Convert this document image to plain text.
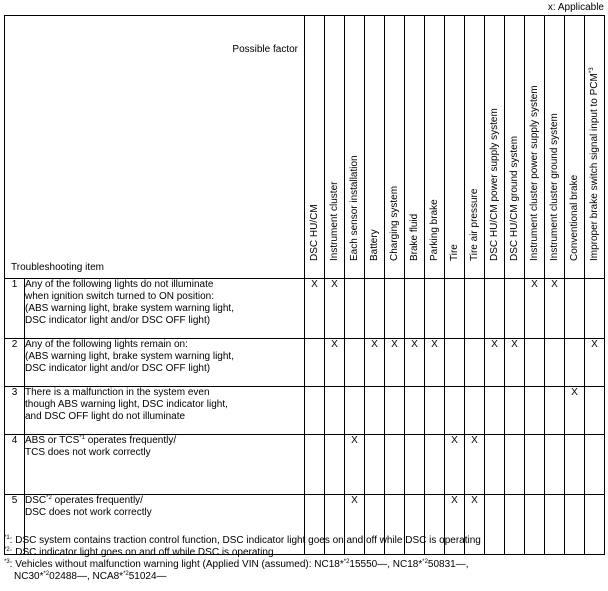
x: Applicable
Possible factor
Troubleshooting item		DSC HU/CM	Instrument cluster	Each sensor installation	Battery	Charging system	Brake fluid	Parking brake	Tire	Tire air pressure	DSC HU/CM power supply system	DSC HU/CM ground system	Instrument cluster power supply system	Instrument cluster ground system	Conventional brake	Improper brake switch signal input to PCM$^{*3}$

1	Any of the following lights do not illuminate
when ignition switch turned to ON position:
(ABS warning light, brake system warning light,
DSC indicator light and/or DSC OFF light)	X	X										X	X		
2	Any of the following lights remain on:
(ABS warning light, brake system warning light,
DSC indicator light and/or DSC OFF light)		X		X	X	X	X			X	X				X
3	There is a malfunction in the system even
though ABS warning light, DSC indicator light,
and DSC OFF light do not illuminate														X	
4	ABS or TCS$^{*1}$ operates frequently/
TCS does not work correctly			X					X	X						
5	DSC$^{*2}$ operates frequently/
DSC does not work correctly			X					X	X						
$^{*1}$: DSC system contains traction control function, DSC indicator light goes on and off while DSC is operating
$^{*2}$: DSC indicator light goes on and off while DSC is operating
$^{*3}$: Vehicles without malfunction warning light (Applied VIN (assumed): NC18*$^{*2}$15550—, NC18*$^{*2}$50831—,
NC30*$^{*2}$02488—, NCA8*$^{*2}$51024—
